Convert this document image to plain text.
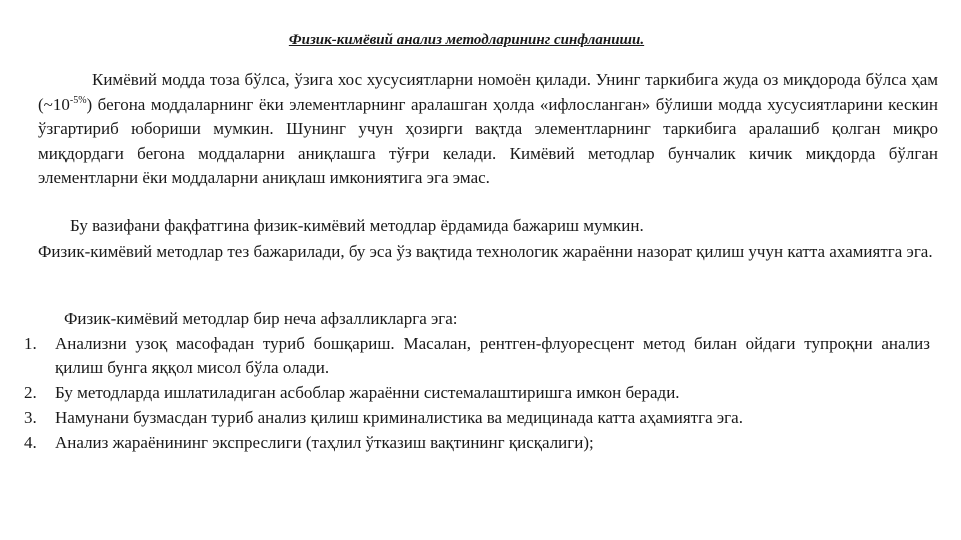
Физик-кимёвий анализ методларининг синфланиши.
Кимёвий модда тоза бўлса, ўзига хос хусусиятларни номоён қилади. Унинг таркибига жуда оз миқдорода бўлса ҳам $(\sim 10^{-5\%})$ бегона моддаларнинг ёки элементларнинг аралашган ҳолда «ифлосланган» бўлиши модда хусусиятларини кескин ўзгартириб юбориши мумкин. Шунинг учун ҳозирги вақтда элементларнинг таркибига аралашиб қолган миқро миқдордаги бегона моддаларни аниқлашга тўғри келади. Кимёвий методлар бунчалик кичик миқдорда бўлган элементларни ёки моддаларни аниқлаш имкониятига эга эмас.
Бу вазифани фақфатгина физик-кимёвий методлар ёрдамида бажариш мумкин.
Физик-кимёвий методлар тез бажарилади, бу эса ўз вақтида технологик жараённи назорат қилиш учун катта ахамиятга эга.
Физик-кимёвий методлар бир неча афзалликларга эга:
1. Анализни узоқ масофадан туриб бошқариш. Масалан, рентген-флуоресцент метод билан ойдаги тупроқни анализ қилиш бунга яққол мисол бўла олади.
2. Бу методларда ишлатиладиган асбоблар жараённи системалаштиришга имкон беради.
3. Намунани бузмасдан туриб анализ қилиш криминалистика ва медицинада катта аҳамиятга эга.
4. Анализ жараёнининг экспреслиги (таҳлил ўтказиш вақтининг қисқалиги);
